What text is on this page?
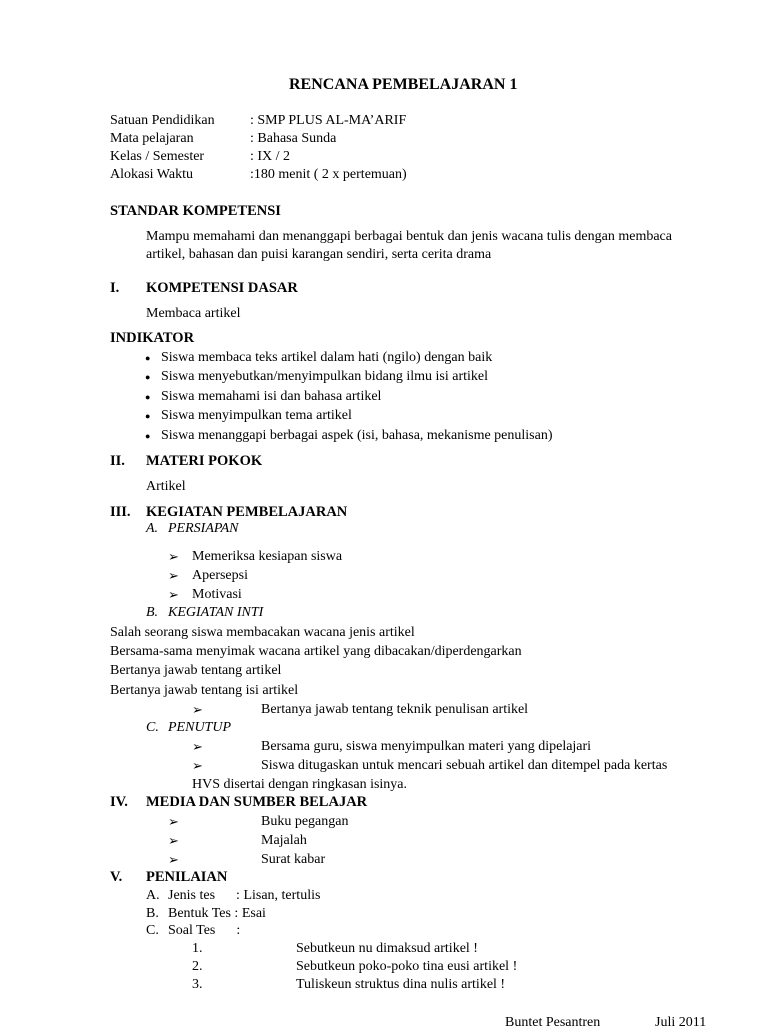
RENCANA PEMBELAJARAN 1
Satuan Pendidikan	: SMP PLUS AL-MA’ARIF
Mata pelajaran	: Bahasa Sunda
Kelas / Semester	: IX / 2
Alokasi Waktu	:180 menit ( 2 x pertemuan)
STANDAR KOMPETENSI
Mampu memahami dan menanggapi berbagai bentuk dan jenis wacana tulis dengan membaca
artikel, bahasan dan puisi karangan sendiri, serta cerita drama
I. KOMPETENSI DASAR
Membaca artikel
INDIKATOR
● Siswa membaca teks artikel dalam hati (ngilo) dengan baik
● Siswa menyebutkan/menyimpulkan bidang ilmu isi artikel
● Siswa memahami isi dan bahasa artikel
● Siswa menyimpulkan tema artikel
● Siswa menanggapi berbagai aspek (isi, bahasa, mekanisme penulisan)
II. MATERI POKOK
Artikel
III. KEGIATAN PEMBELAJARAN
A. PERSIAPAN
➢ Memeriksa kesiapan siswa
➢ Apersepsi
➢ Motivasi
B. KEGIATAN INTI
Salah seorang siswa membacakan wacana jenis artikel
Bersama-sama menyimak wacana artikel yang dibacakan/diperdengarkan
Bertanya jawab tentang artikel
Bertanya jawab tentang isi artikel
➢	Bertanya jawab tentang teknik penulisan artikel
C. PENUTUP
➢	Bersama guru, siswa menyimpulkan materi yang dipelajari
➢	Siswa ditugaskan untuk mencari sebuah artikel dan ditempel pada kertas
HVS disertai dengan ringkasan isinya.
IV. MEDIA DAN SUMBER BELAJAR
➢	Buku pegangan
➢	Majalah
➢	Surat kabar
V. PENILAIAN
A. Jenis tes      : Lisan, tertulis
B. Bentuk Tes : Esai
C. Soal Tes      :
1.	Sebutkeun nu dimaksud artikel !
2.	Sebutkeun poko-poko tina eusi artikel !
3.	Tuliskeun struktus dina nulis artikel !
Buntet Pesantren	Juli 2011
